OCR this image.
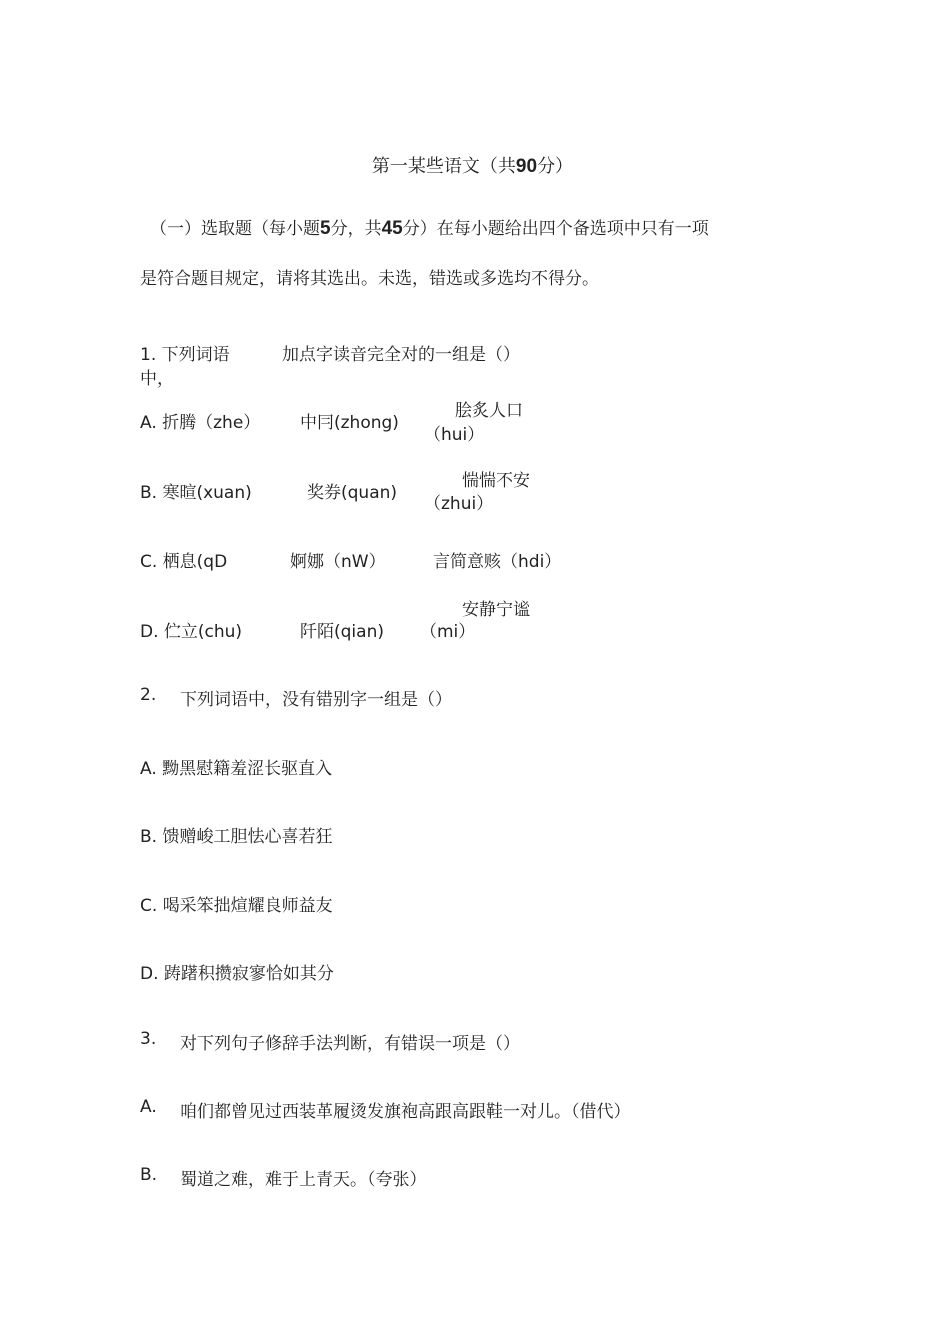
第一某些语文（共90分）
（一）选取题（每小题5分，共45分）在每小题给出四个备选项中只有一项
是符合题目规定，请将其选出。未选，错选或多选均不得分。
1. 下列词语
中，
加点字读音完全对的一组是（）
A. 折腾（zhe） 中冃(zhong)
脍炙人口
（hui）
B. 寒暄(xuan)	奖券(quan)
惴惴不安
（zhui）
C. 栖息(qD	婀娜（nW）	言简意赅（hdi）
D. 伫立(chu)	阡陌(qian)
安静宁谧
（mi）
2. 下列词语中，没有错别字一组是（）
A. 黝黑慰籍羞涩长驱直入
B. 馈赠峻工胆怯心喜若狂
C. 喝采笨拙煊耀良师益友
D. 踌躇积攒寂寥恰如其分
3. 对下列句子修辞手法判断，有错误一项是（）
A. 咱们都曾见过西装革履烫发旗袍高跟高跟鞋一对儿。（借代）
B. 蜀道之难，难于上青天。（夸张）
